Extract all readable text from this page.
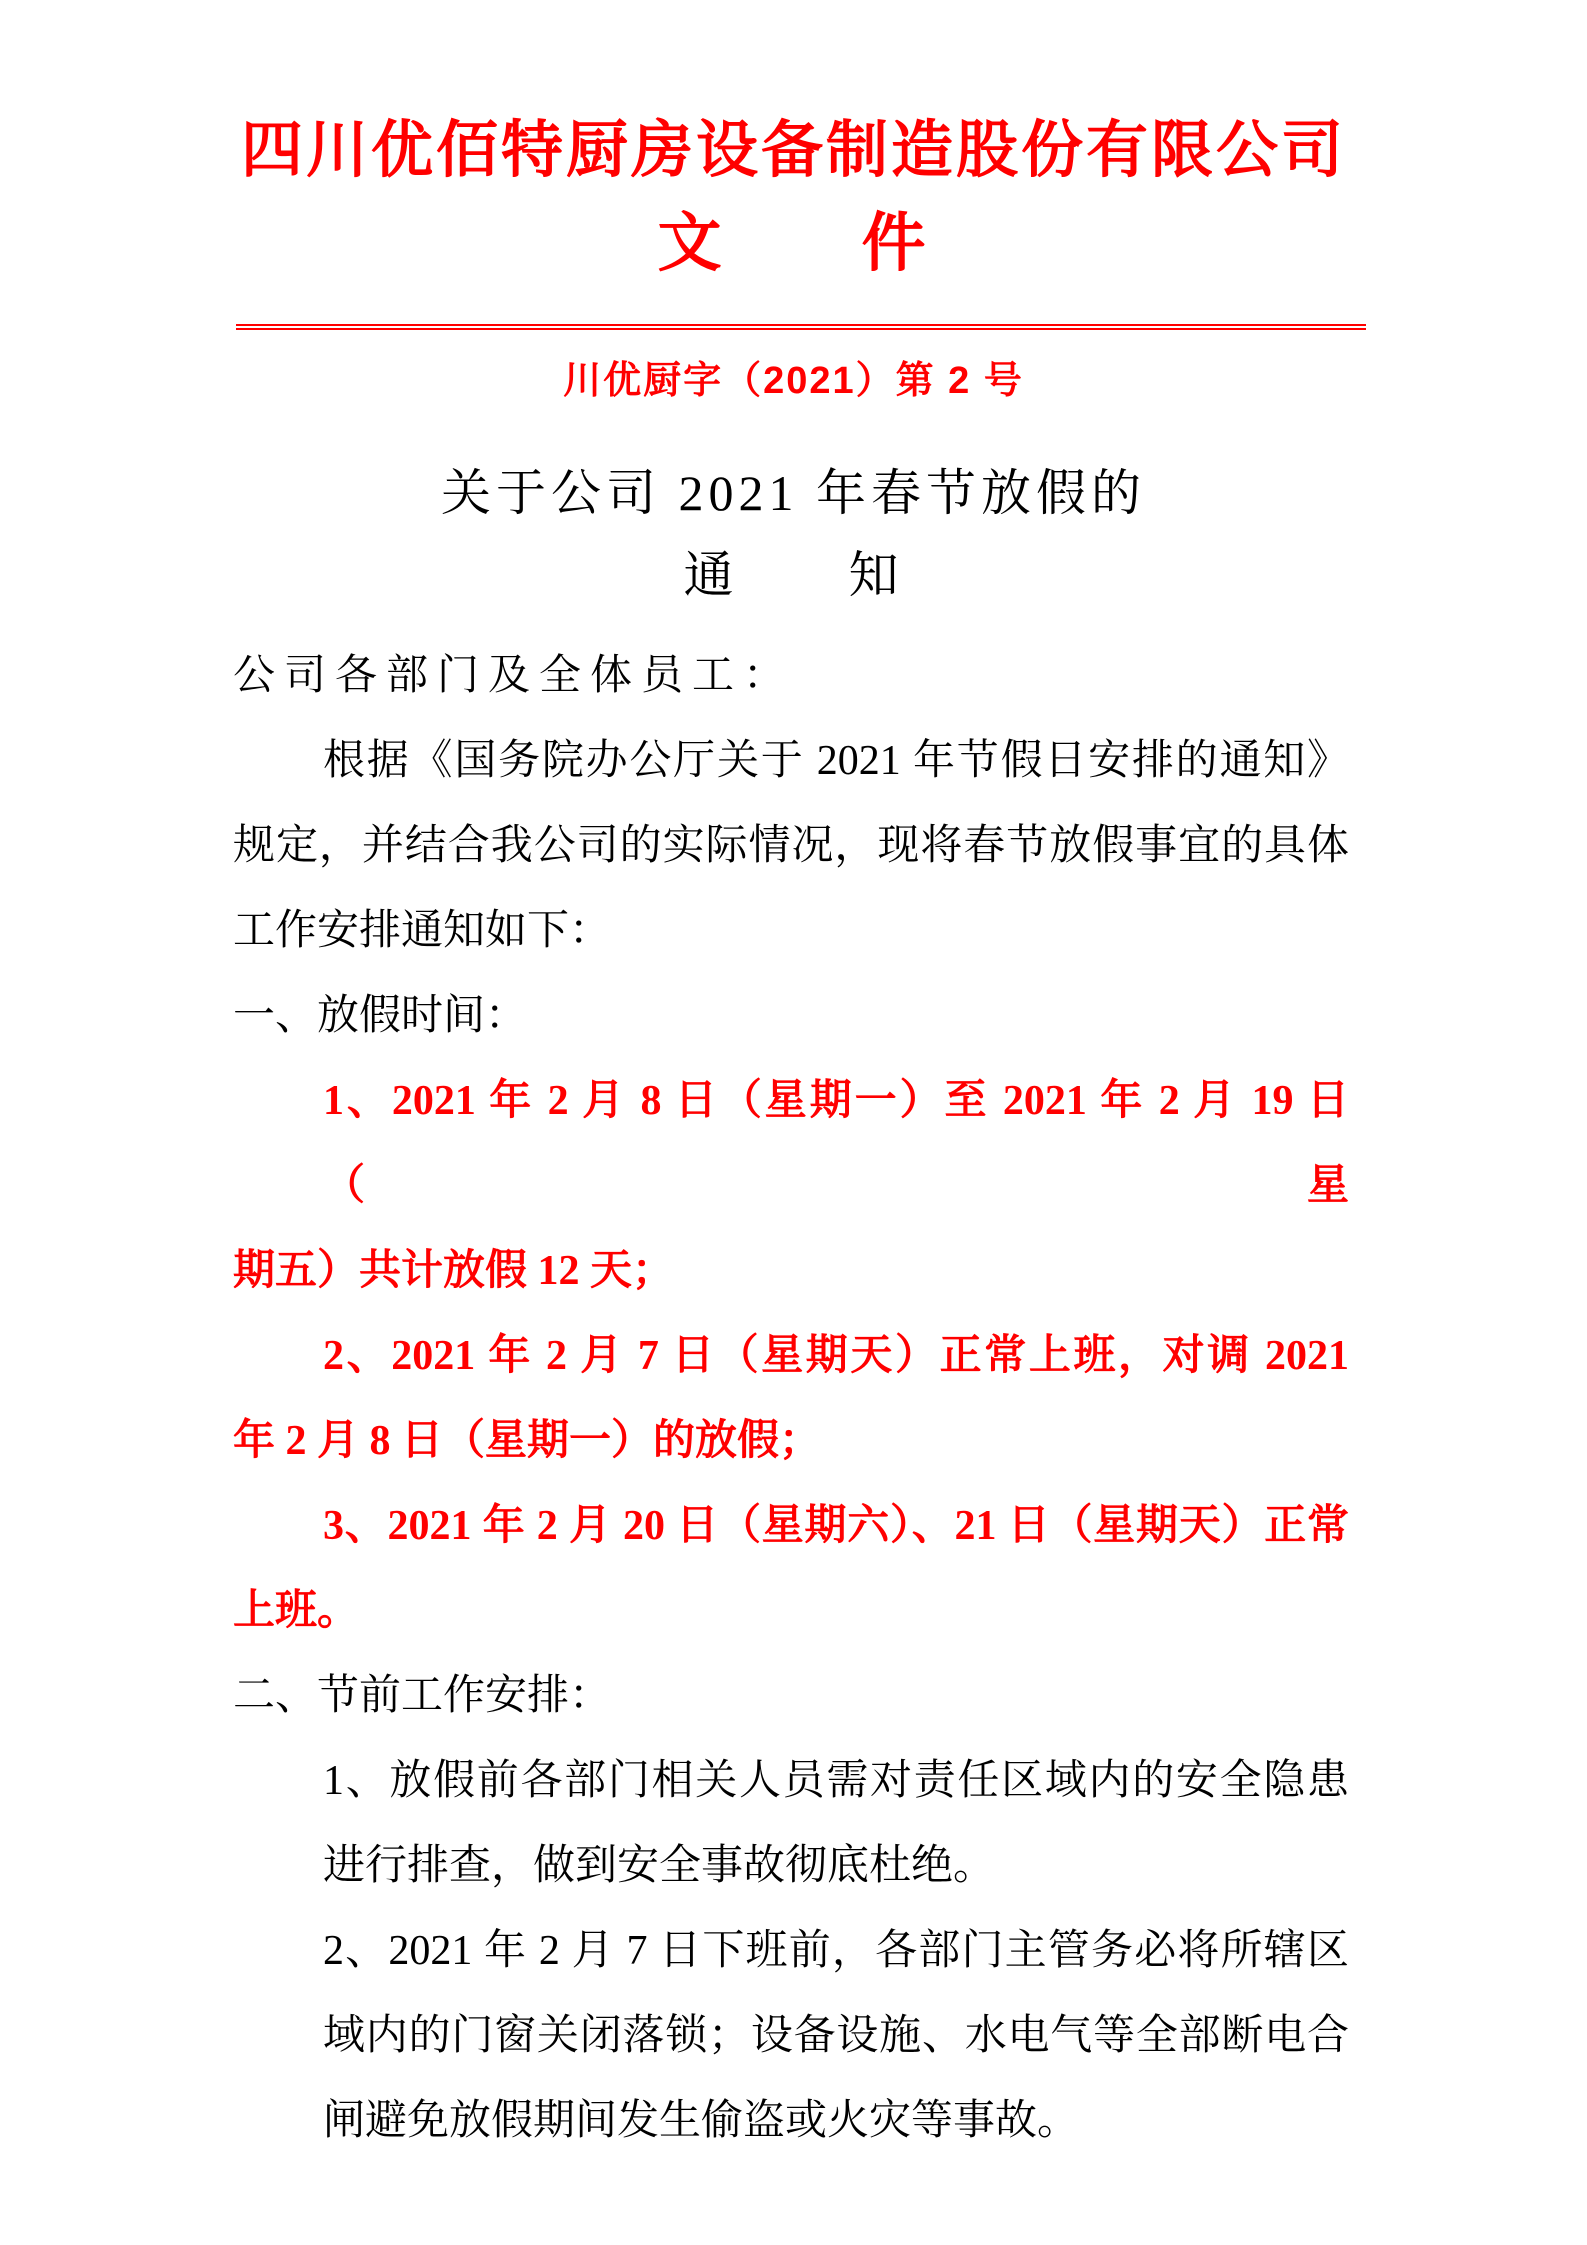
四川优佰特厨房设备制造股份有限公司
文　　件
川优厨字（2021）第 2 号
关于公司 2021 年春节放假的
通　　知
公司各部门及全体员工：
根据《国务院办公厅关于 2021 年节假日安排的通知》
规定，并结合我公司的实际情况，现将春节放假事宜的具体
工作安排通知如下：
一、放假时间：
1、2021 年 2 月 8 日（星期一）至 2021 年 2 月 19 日（星
期五）共计放假 12 天；
2、2021 年 2 月 7 日（星期天）正常上班，对调 2021
年 2 月 8 日（星期一）的放假；
3、2021 年 2 月 20 日（星期六）、21 日（星期天）正常
上班。
二、节前工作安排：
1、放假前各部门相关人员需对责任区域内的安全隐患
进行排查，做到安全事故彻底杜绝。
2、2021 年 2 月 7 日下班前，各部门主管务必将所辖区
域内的门窗关闭落锁；设备设施、水电气等全部断电合
闸避免放假期间发生偷盗或火灾等事故。
